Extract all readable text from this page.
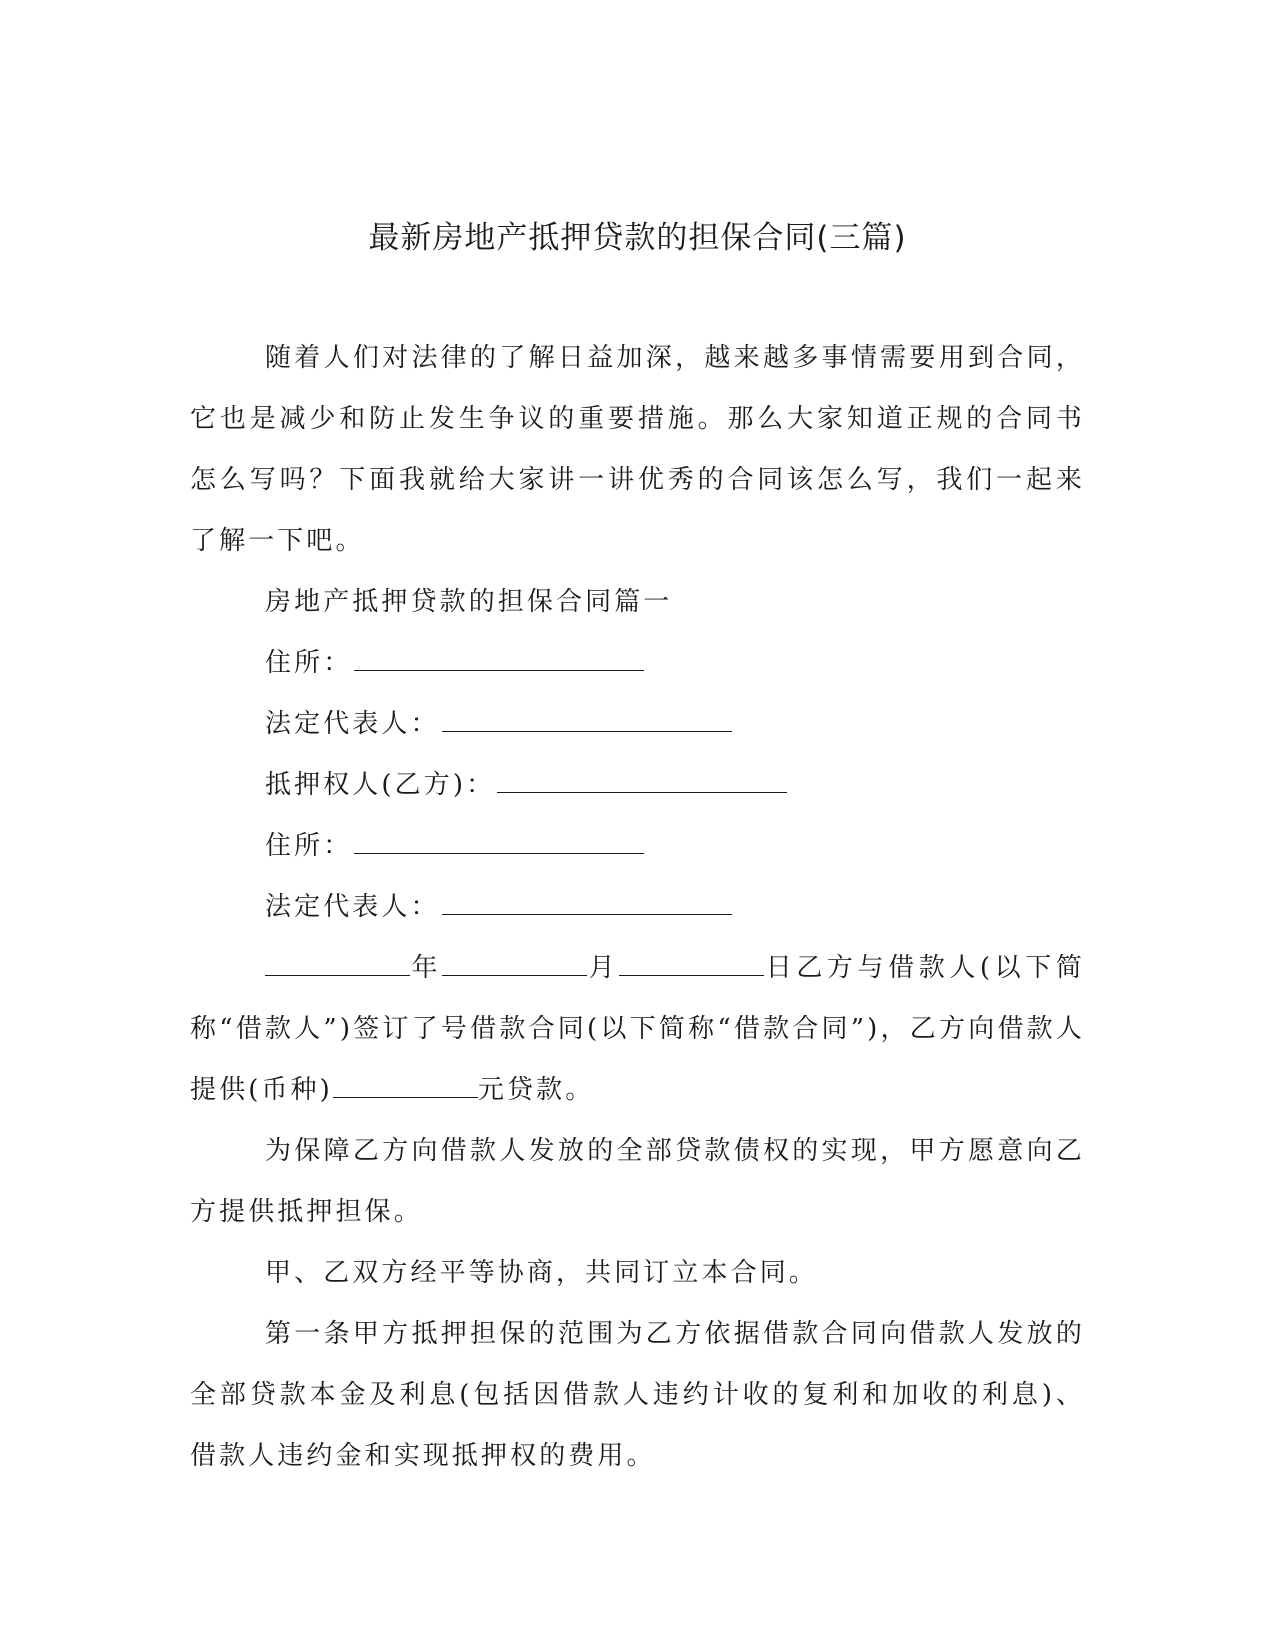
最新房地产抵押贷款的担保合同(三篇)

随着人们对法律的了解日益加深，越来越多事情需要用到合同，它也是减少和防止发生争议的重要措施。那么大家知道正规的合同书怎么写吗？下面我就给大家讲一讲优秀的合同该怎么写，我们一起来了解一下吧。

房地产抵押贷款的担保合同篇一

住所：

法定代表人：

抵押权人(乙方)：

住所：

法定代表人：

年	月	日乙方与借款人(以下简称“借款人”)签订了号借款合同(以下简称“借款合同”)，乙方向借款人提供(币种)	元贷款。

为保障乙方向借款人发放的全部贷款债权的实现，甲方愿意向乙方提供抵押担保。

甲、乙双方经平等协商，共同订立本合同。

第一条甲方抵押担保的范围为乙方依据借款合同向借款人发放的全部贷款本金及利息(包括因借款人违约计收的复利和加收的利息)、借款人违约金和实现抵押权的费用。
